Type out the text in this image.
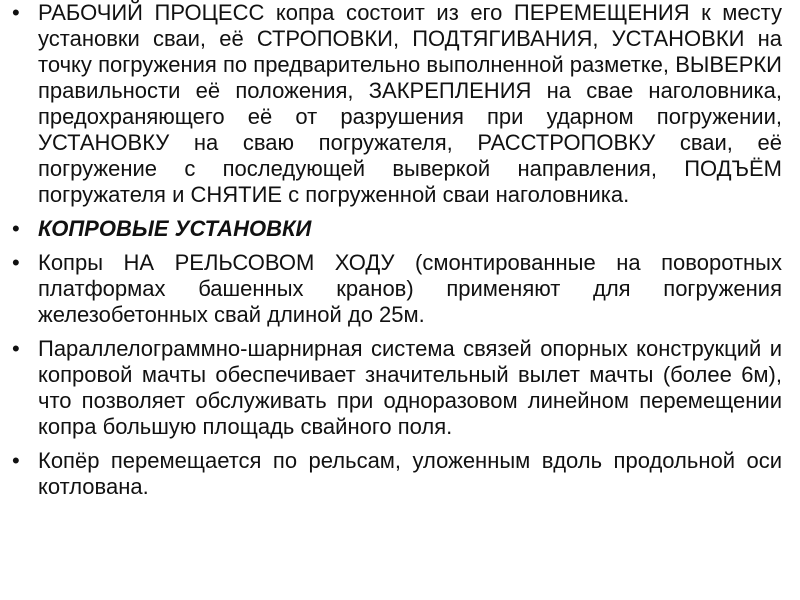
• РАБОЧИЙ ПРОЦЕСС копра состоит из его ПЕРЕМЕЩЕНИЯ к месту установки сваи, её СТРОПОВКИ, ПОДТЯГИВАНИЯ, УСТАНОВКИ на точку погружения по предварительно выполненной разметке, ВЫВЕРКИ правильности её положения, ЗАКРЕПЛЕНИЯ на свае наголовника, предохраняющего её от разрушения при ударном погружении, УСТАНОВКУ на сваю погружателя, РАССТРОПОВКУ сваи, её погружение с последующей выверкой направления, ПОДЪЁМ погружателя и СНЯТИЕ с погруженной сваи наголовника.
• КОПРОВЫЕ УСТАНОВКИ
• Копры НА РЕЛЬСОВОМ ХОДУ (смонтированные на поворотных платформах башенных кранов) применяют для погружения железобетонных свай длиной до 25м.
• Параллелограммно-шарнирная система связей опорных конструкций и копровой мачты обеспечивает значительный вылет мачты (более 6м), что позволяет обслуживать при одноразовом линейном перемещении копра большую площадь свайного поля.
• Копёр перемещается по рельсам, уложенным вдоль продольной оси котлована.
